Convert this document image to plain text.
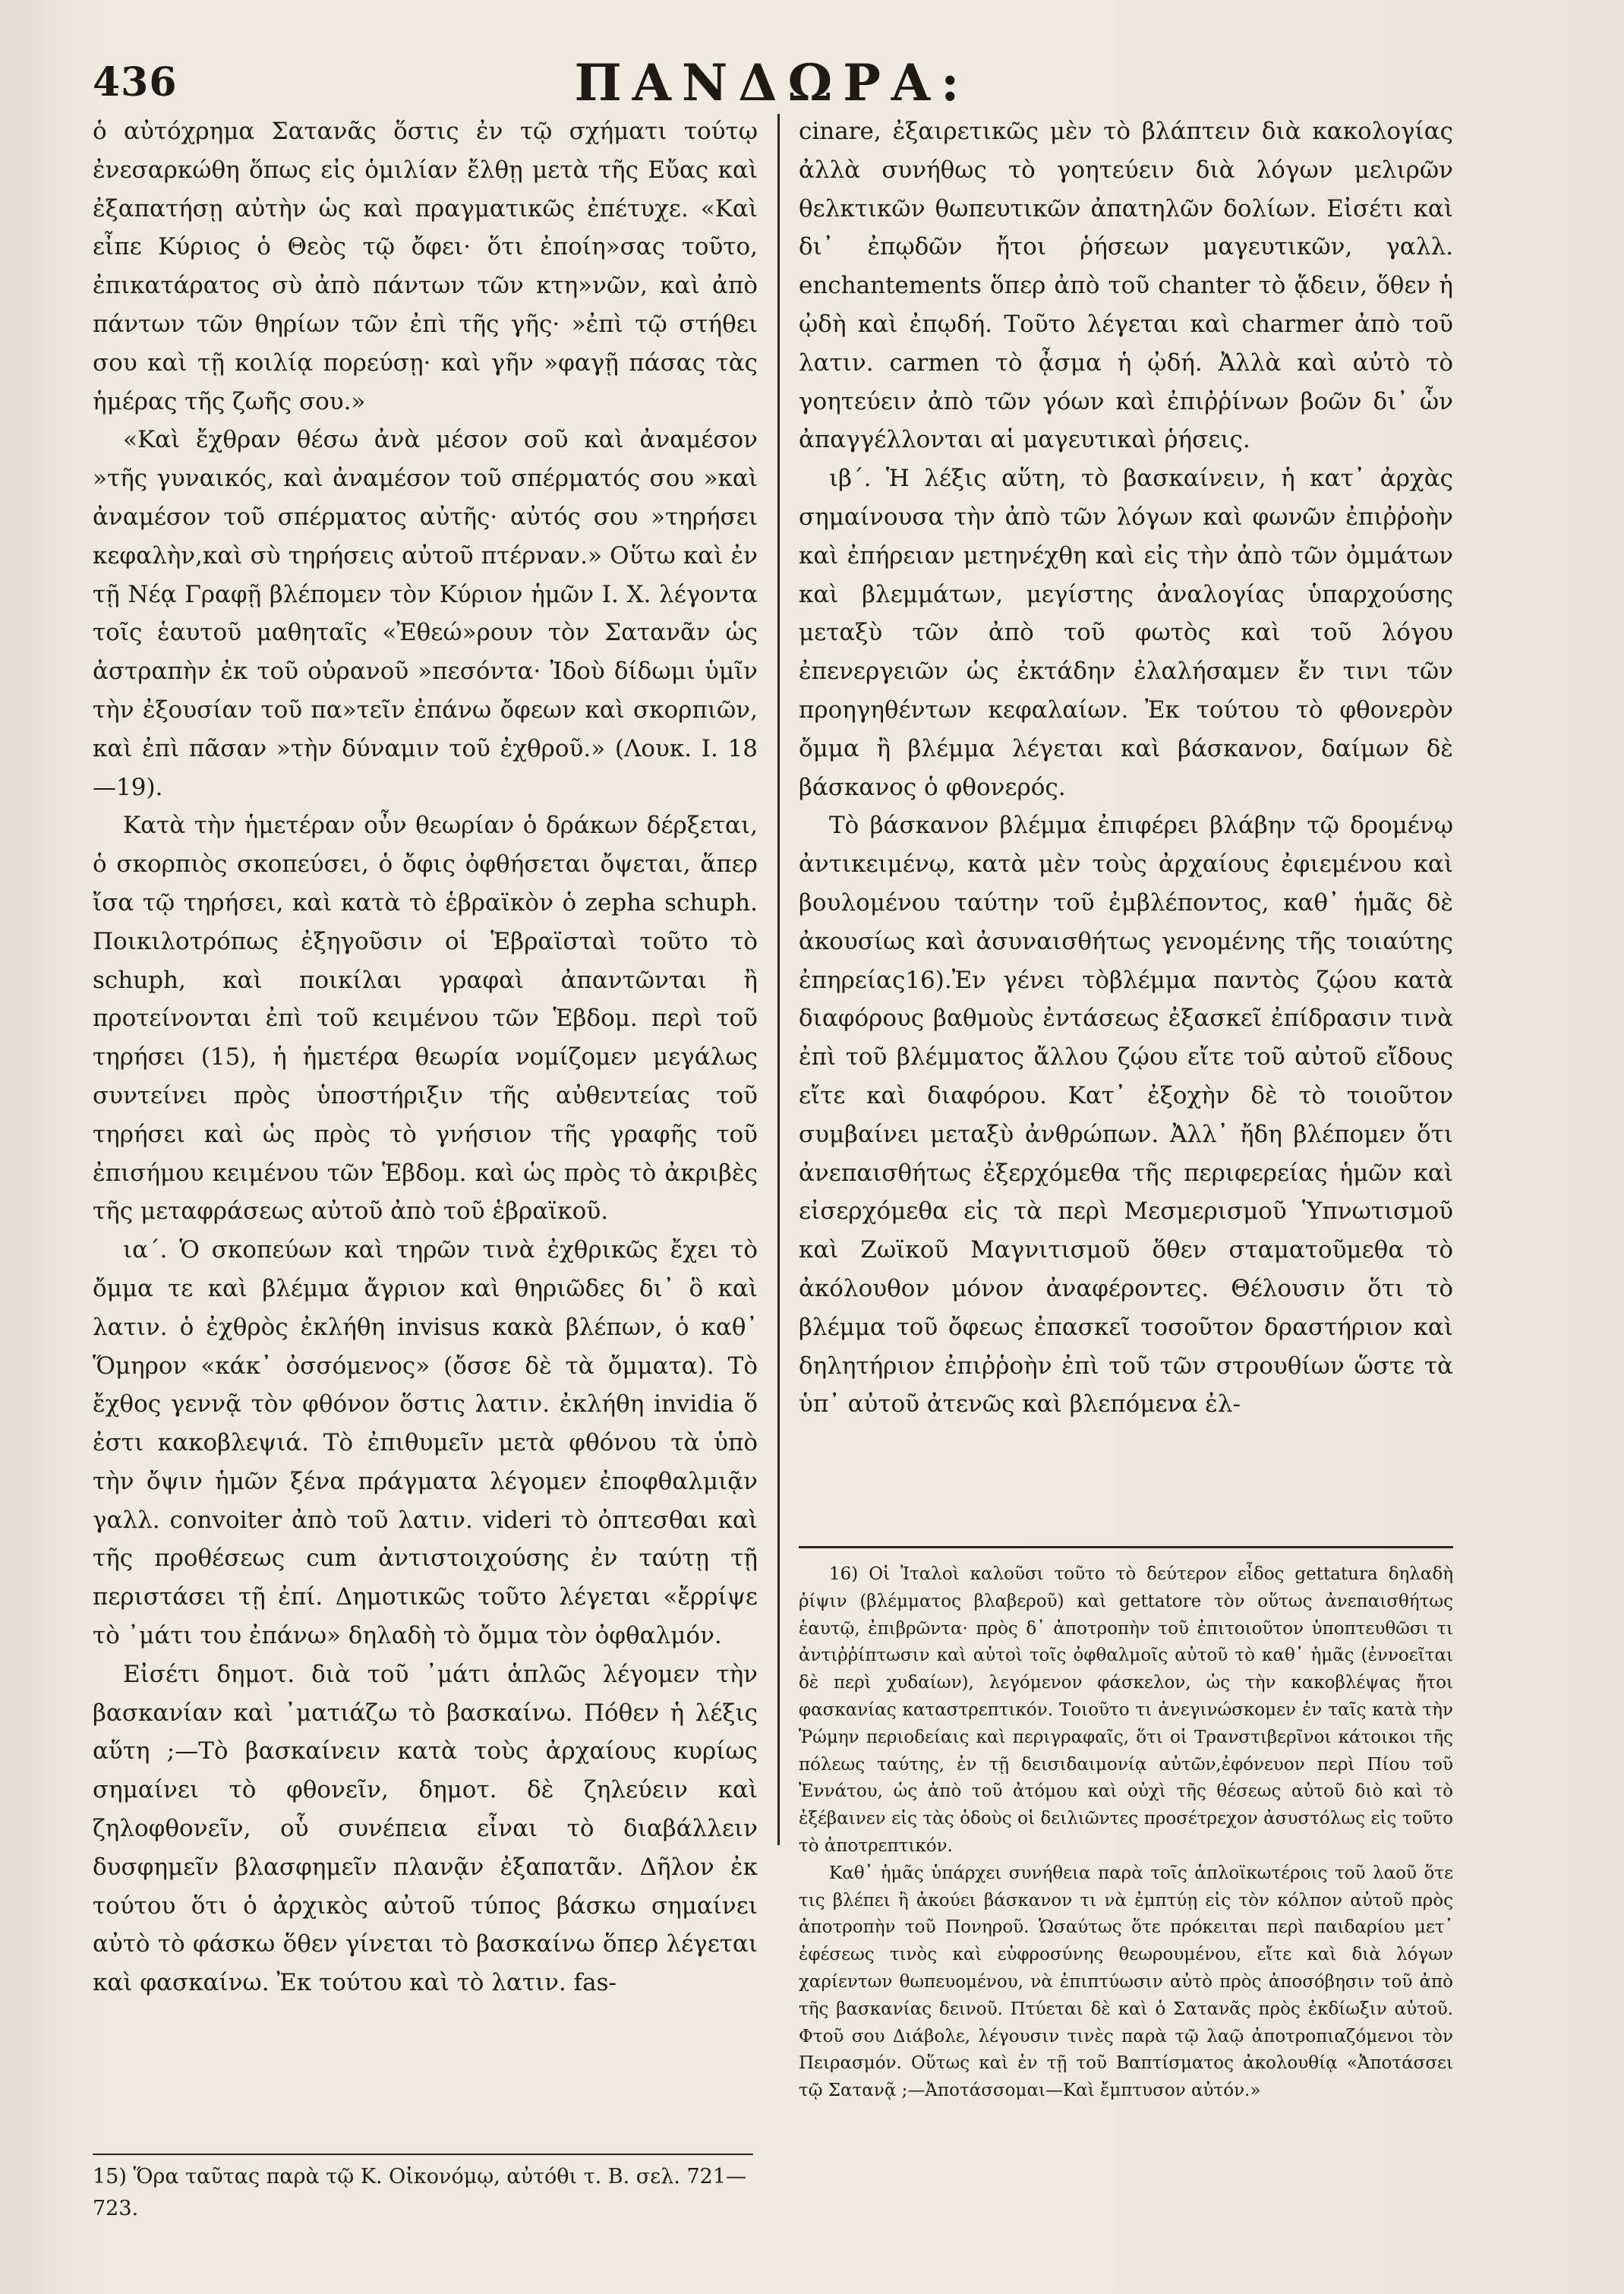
436	ΠΑΝΔΩΡΑ:

ὁ αὐτόχρημα Σατανᾶς ὅστις ἐν τῷ σχήματι τούτῳ ἐνεσαρκώθη ὅπως εἰς ὁμιλίαν ἔλθῃ μετὰ τῆς Εὔας καὶ ἐξαπατήσῃ αὐτὴν ὡς καὶ πραγματικῶς ἐπέτυχε. «Καὶ εἶπε Κύριος ὁ Θεὸς τῷ ὄφει· ὅτι ἐποίη»σας τοῦτο, ἐπικατάρατος σὺ ἀπὸ πάντων τῶν κτη»νῶν, καὶ ἀπὸ πάντων τῶν θηρίων τῶν ἐπὶ τῆς γῆς· »ἐπὶ τῷ στήθει σου καὶ τῇ κοιλίᾳ πορεύσῃ· καὶ γῆν »φαγῇ πάσας τὰς ἡμέρας τῆς ζωῆς σου.»

«Καὶ ἔχθραν θέσω ἀνὰ μέσον σοῦ καὶ ἀναμέσον »τῆς γυναικός, καὶ ἀναμέσον τοῦ σπέρματός σου »καὶ ἀναμέσον τοῦ σπέρματος αὐτῆς· αὐτός σου »τηρήσει κεφαλὴν,καὶ σὺ τηρήσεις αὐτοῦ πτέρναν.» Οὕτω καὶ ἐν τῇ Νέᾳ Γραφῇ βλέπομεν τὸν Κύριον ἡμῶν Ι. Χ. λέγοντα τοῖς ἑαυτοῦ μαθηταῖς «Ἐθεώ»ρουν τὸν Σατανᾶν ὡς ἀστραπὴν ἐκ τοῦ οὐρανοῦ »πεσόντα· Ἰδοὺ δίδωμι ὑμῖν τὴν ἐξουσίαν τοῦ πα»τεῖν ἐπάνω ὄφεων καὶ σκορπιῶν, καὶ ἐπὶ πᾶσαν »τὴν δύναμιν τοῦ ἐχθροῦ.» (Λουκ. Ι. 18—19).

Κατὰ τὴν ἡμετέραν οὖν θεωρίαν ὁ δράκων δέρξεται, ὁ σκορπιὸς σκοπεύσει, ὁ ὄφις ὀφθήσεται ὄψεται, ἅπερ ἴσα τῷ τηρήσει, καὶ κατὰ τὸ ἑβραϊκὸν ὁ zepha schuph. Ποικιλοτρόπως ἐξηγοῦσιν οἱ Ἑβραϊσταὶ τοῦτο τὸ schuph, καὶ ποικίλαι γραφαὶ ἀπαντῶνται ἢ προτείνονται ἐπὶ τοῦ κειμένου τῶν Ἑβδομ. περὶ τοῦ τηρήσει (15), ἡ ἡμετέρα θεωρία νομίζομεν μεγάλως συντείνει πρὸς ὑποστήριξιν τῆς αὐθεντείας τοῦ τηρήσει καὶ ὡς πρὸς τὸ γνήσιον τῆς γραφῆς τοῦ ἐπισήμου κειμένου τῶν Ἑβδομ. καὶ ὡς πρὸς τὸ ἀκριβὲς τῆς μεταφράσεως αὐτοῦ ἀπὸ τοῦ ἑβραϊκοῦ.

ια΄. Ὁ σκοπεύων καὶ τηρῶν τινὰ ἐχθρικῶς ἔχει τὸ ὄμμα τε καὶ βλέμμα ἄγριον καὶ θηριῶδες δι᾽ ὃ καὶ λατιν. ὁ ἐχθρὸς ἐκλήθη invisus κακὰ βλέπων, ὁ καθ᾽ Ὅμηρον «κάκ᾽ ὀσσόμενος» (ὄσσε δὲ τὰ ὄμματα). Τὸ ἔχθος γεννᾷ τὸν φθόνον ὅστις λατιν. ἐκλήθη invidia ὅ ἐστι κακοβλεψιά. Τὸ ἐπιθυμεῖν μετὰ φθόνου τὰ ὑπὸ τὴν ὄψιν ἡμῶν ξένα πράγματα λέγομεν ἐποφθαλμιᾷν γαλλ. convoiter ἀπὸ τοῦ λατιν. videri τὸ ὀπτεσθαι καὶ τῆς προθέσεως cum ἀντιστοιχούσης ἐν ταύτῃ τῇ περιστάσει τῇ ἐπί. Δημοτικῶς τοῦτο λέγεται «ἔρρίψε τὸ ᾽μάτι του ἐπάνω» δηλαδὴ τὸ ὄμμα τὸν ὀφθαλμόν.

Εἰσέτι δημοτ. διὰ τοῦ ᾽μάτι ἁπλῶς λέγομεν τὴν βασκανίαν καὶ ᾽ματιάζω τὸ βασκαίνω. Πόθεν ἡ λέξις αὕτη ;—Τὸ βασκαίνειν κατὰ τοὺς ἀρχαίους κυρίως σημαίνει τὸ φθονεῖν, δημοτ. δὲ ζηλεύειν καὶ ζηλοφθονεῖν, οὗ συνέπεια εἶναι τὸ διαβάλλειν δυσφημεῖν βλασφημεῖν πλανᾷν ἐξαπατᾶν. Δῆλον ἐκ τούτου ὅτι ὁ ἀρχικὸς αὐτοῦ τύπος βάσκω σημαίνει αὐτὸ τὸ φάσκω ὅθεν γίνεται τὸ βασκαίνω ὅπερ λέγεται καὶ φασκαίνω. Ἐκ τούτου καὶ τὸ λατιν. fas-

cinare, ἐξαιρετικῶς μὲν τὸ βλάπτειν διὰ κακολογίας ἀλλὰ συνήθως τὸ γοητεύειν διὰ λόγων μελιρῶν θελκτικῶν θωπευτικῶν ἀπατηλῶν δολίων. Εἰσέτι καὶ δι᾽ ἐπῳδῶν ἤτοι ῥήσεων μαγευτικῶν, γαλλ. enchantements ὅπερ ἀπὸ τοῦ chanter τὸ ᾄδειν, ὅθεν ἡ ᾠδὴ καὶ ἐπῳδή. Τοῦτο λέγεται καὶ charmer ἀπὸ τοῦ λατιν. carmen τὸ ᾆσμα ἡ ᾠδή. Ἀλλὰ καὶ αὐτὸ τὸ γοητεύειν ἀπὸ τῶν γόων καὶ ἐπιῤῥίνων βοῶν δι᾽ ὧν ἀπαγγέλλονται αἱ μαγευτικαὶ ῥήσεις.

ιβ΄. Ἡ λέξις αὕτη, τὸ βασκαίνειν, ἡ κατ᾽ ἀρχὰς σημαίνουσα τὴν ἀπὸ τῶν λόγων καὶ φωνῶν ἐπιῤῥοὴν καὶ ἐπήρειαν μετηνέχθη καὶ εἰς τὴν ἀπὸ τῶν ὀμμάτων καὶ βλεμμάτων, μεγίστης ἀναλογίας ὑπαρχούσης μεταξὺ τῶν ἀπὸ τοῦ φωτὸς καὶ τοῦ λόγου ἐπενεργειῶν ὡς ἐκτάδην ἐλαλήσαμεν ἔν τινι τῶν προηγηθέντων κεφαλαίων. Ἐκ τούτου τὸ φθονερὸν ὄμμα ἢ βλέμμα λέγεται καὶ βάσκανον, δαίμων δὲ βάσκανος ὁ φθονερός.

Τὸ βάσκανον βλέμμα ἐπιφέρει βλάβην τῷ δρομένῳ ἀντικειμένῳ, κατὰ μὲν τοὺς ἀρχαίους ἐφιεμένου καὶ βουλομένου ταύτην τοῦ ἐμβλέποντος, καθ᾽ ἡμᾶς δὲ ἀκουσίως καὶ ἀσυναισθήτως γενομένης τῆς τοιαύτης ἐπηρείας16).Ἐν γένει τὸβλέμμα παντὸς ζῴου κατὰ διαφόρους βαθμοὺς ἐντάσεως ἐξασκεῖ ἐπίδρασιν τινὰ ἐπὶ τοῦ βλέμματος ἄλλου ζῴου εἴτε τοῦ αὐτοῦ εἴδους εἴτε καὶ διαφόρου. Κατ᾽ ἐξοχὴν δὲ τὸ τοιοῦτον συμβαίνει μεταξὺ ἀνθρώπων. Ἀλλ᾽ ἤδη βλέπομεν ὅτι ἀνεπαισθήτως ἐξερχόμεθα τῆς περιφερείας ἡμῶν καὶ εἰσερχόμεθα εἰς τὰ περὶ Μεσμερισμοῦ Ὑπνωτισμοῦ καὶ Ζωϊκοῦ Μαγνιτισμοῦ ὅθεν σταματοῦμεθα τὸ ἀκόλουθον μόνον ἀναφέροντες. Θέλουσιν ὅτι τὸ βλέμμα τοῦ ὄφεως ἐπασκεῖ τοσοῦτον δραστήριον καὶ δηλητήριον ἐπιῤῥοὴν ἐπὶ τοῦ τῶν στρουθίων ὥστε τὰ ὑπ᾽ αὐτοῦ ἀτενῶς καὶ βλεπόμενα ἐλ-

16) Οἱ Ἰταλοὶ καλοῦσι τοῦτο τὸ δεύτερον εἶδος gettatura δηλαδὴ ῥίψιν (βλέμματος βλαβεροῦ) καὶ gettatore τὸν οὕτως ἀνεπαισθήτως ἑαυτῷ, ἐπιβρῶντα· πρὸς δ᾽ ἀποτροπὴν τοῦ ἐπιτοιοῦτον ὑποπτευθῶσι τι ἀντιῤῥίπτωσιν καὶ αὐτοὶ τοῖς ὀφθαλμοῖς αὐτοῦ τὸ καθ᾽ ἡμᾶς (ἐννοεῖται δὲ περὶ χυδαίων), λεγόμενον φάσκελον, ὡς τὴν κακοβλέψας ἤτοι φασκανίας καταστρεπτικόν. Τοιοῦτο τι ἀνεγινώσκομεν ἐν ταῖς κατὰ τὴν Ῥώμην περιοδείαις καὶ περιγραφαῖς, ὅτι οἱ Τρανστιβερῖνοι κάτοικοι τῆς πόλεως ταύτης, ἐν τῇ δεισιδαιμονίᾳ αὐτῶν,ἐφόνευον περὶ Πίου τοῦ Ἐννάτου, ὡς ἀπὸ τοῦ ἀτόμου καὶ οὐχὶ τῆς θέσεως αὐτοῦ διὸ καὶ τὸ ἐξέβαινεν εἰς τὰς ὁδοὺς οἱ δειλιῶντες προσέτρεχον ἀσυστόλως εἰς τοῦτο τὸ ἀποτρεπτικόν.

Καθ᾽ ἡμᾶς ὑπάρχει συνήθεια παρὰ τοῖς ἁπλοϊκωτέροις τοῦ λαοῦ ὅτε τις βλέπει ἢ ἀκούει βάσκανον τι νὰ ἐμπτύῃ εἰς τὸν κόλπον αὐτοῦ πρὸς ἀποτροπὴν τοῦ Πονηροῦ. Ὡσαύτως ὅτε πρόκειται περὶ παιδαρίου μετ᾽ ἐφέσεως τινὸς καὶ εὐφροσύνης θεωρουμένου, εἴτε καὶ διὰ λόγων χαρίεντων θωπευομένου, νὰ ἐπιπτύωσιν αὐτὸ πρὸς ἀποσόβησιν τοῦ ἀπὸ τῆς βασκανίας δεινοῦ. Πτύεται δὲ καὶ ὁ Σατανᾶς πρὸς ἐκδίωξιν αὐτοῦ. Φτοῦ σου Διάβολε, λέγουσιν τινὲς παρὰ τῷ λαῷ ἀποτροπιαζόμενοι τὸν Πειρασμόν. Οὕτως καὶ ἐν τῇ τοῦ Βαπτίσματος ἀκολουθίᾳ «Ἀποτάσσει τῷ Σατανᾷ ;—Ἀποτάσσομαι—Καὶ ἔμπτυσον αὐτόν.»

15) Ὅρα ταῦτας παρὰ τῷ Κ. Οἰκονόμῳ, αὐτόθι τ. Β. σελ. 721—723.
